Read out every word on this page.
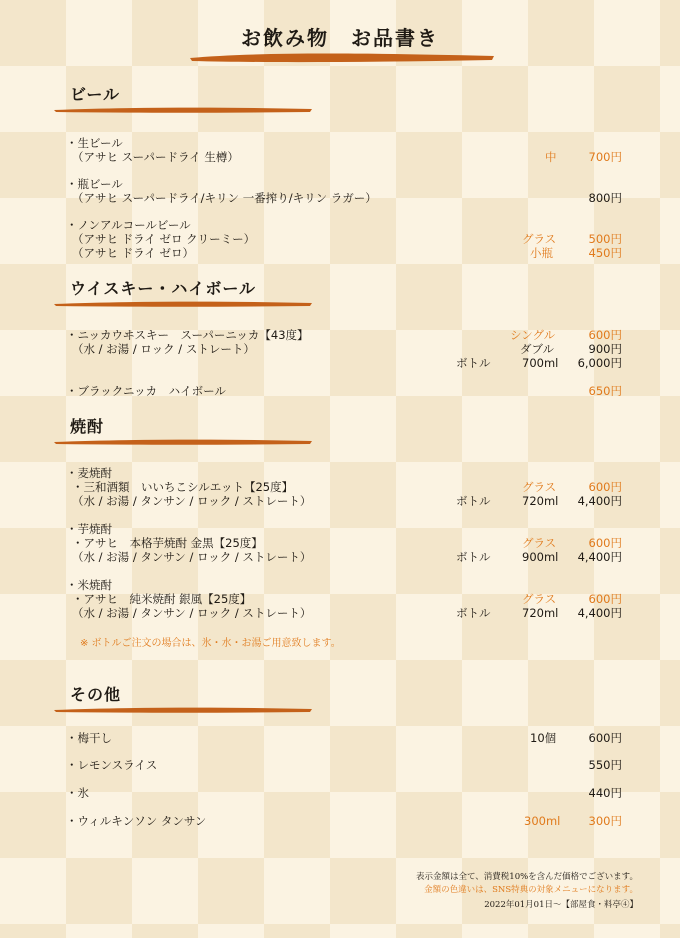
お飲み物　お品書き
ビール
・生ビール
（アサヒ スーパードライ 生樽）	中	700円
・瓶ビール
（アサヒ スーパードライ/キリン 一番搾り/キリン ラガー）	800円
・ノンアルコールビール
（アサヒ ドライ ゼロ クリーミー）	グラス	500円
（アサヒ ドライ ゼロ）	小瓶	450円
ウイスキー・ハイボール
・ニッカウヰスキー　スーパーニッカ【43度】	シングル	600円
（水 / お湯 / ロック / ストレート）	ダブル	900円
ボトル	700ml 6,000円
・ブラックニッカ　ハイボール	650円
焼酎
・麦焼酎
・三和酒類　いいちこシルエット【25度】	グラス	600円
（水 / お湯 / タンサン / ロック / ストレート）	ボトル	720ml 4,400円
・芋焼酎
・アサヒ　本格芋焼酎 金黒【25度】	グラス	600円
（水 / お湯 / タンサン / ロック / ストレート）	ボトル	900ml 4,400円
・米焼酎
・アサヒ　純米焼酎 銀風【25度】	グラス	600円
（水 / お湯 / タンサン / ロック / ストレート）	ボトル	720ml 4,400円
※ ボトルご注文の場合は、氷・水・お湯ご用意致します。
その他
・梅干し	10個	600円
・レモンスライス	550円
・氷	440円
・ウィルキンソン タンサン	300ml 300円
表示金額は全て、消費税10%を含んだ価格でございます。
金額の色違いは、SNS特典の対象メニューになります。
2022年01月01日～【部屋食・料亭④】
